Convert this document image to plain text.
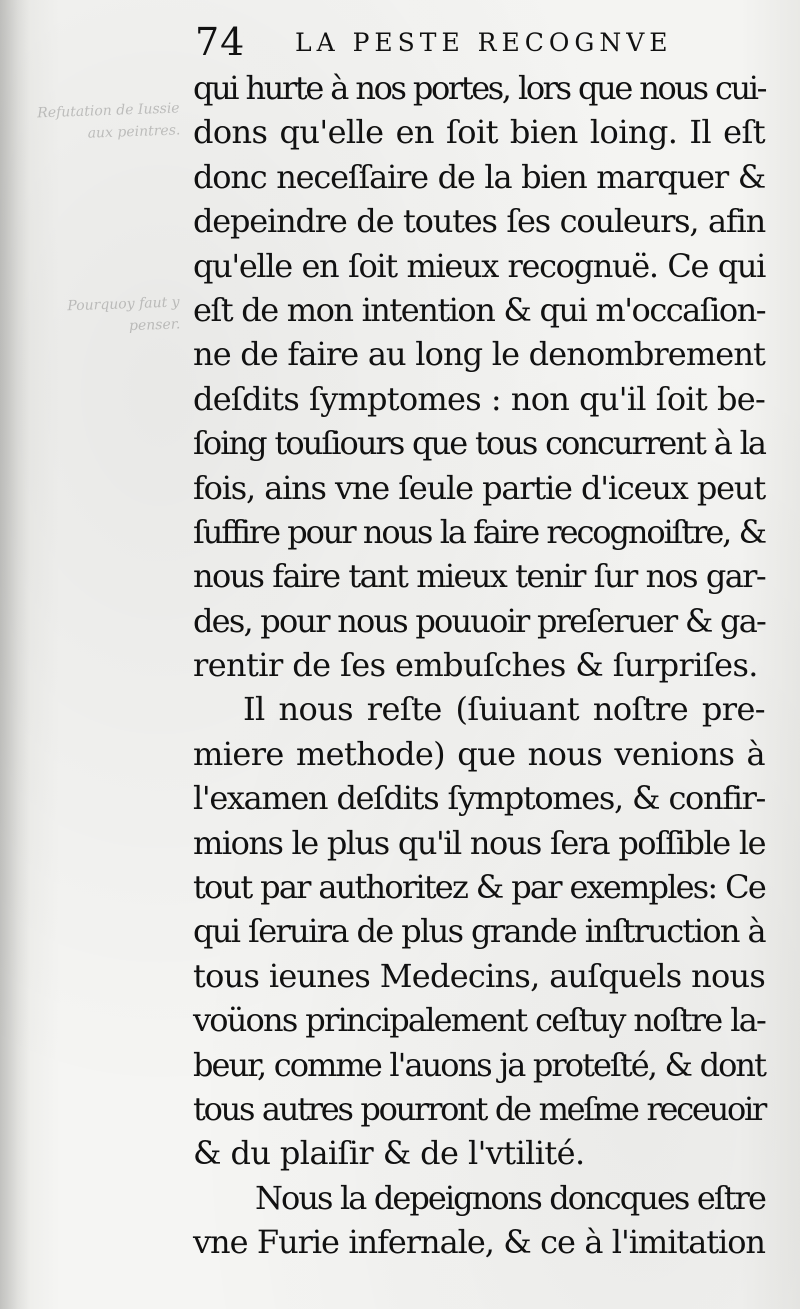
74 LA PESTE RECOGNVE
Refutation de Iussie aux peintres.
Pourquoy faut y penser.
qui hurte à nos portes, lors que nous cui-
dons qu'elle en ſoit bien loing. Il eſt
donc neceſſaire de la bien marquer &
depeindre de toutes ſes couleurs, afin
qu'elle en ſoit mieux recognuë. Ce qui
eſt de mon intention & qui m'occaſion-
ne de faire au long le denombrement
deſdits ſymptomes : non qu'il ſoit be-
ſoing touſiours que tous concurrent à la
fois, ains vne ſeule partie d'iceux peut
ſuffire pour nous la faire recognoiſtre, &
nous faire tant mieux tenir ſur nos gar-
des, pour nous pouuoir preſeruer & ga-
rentir de ſes embuſches & ſurpriſes.
Il nous reſte (ſuiuant noſtre pre-
miere methode) que nous venions à
l'examen deſdits ſymptomes, & confir-
mions le plus qu'il nous ſera poſſible le
tout par authoritez & par exemples: Ce
qui ſeruira de plus grande inſtruction à
tous ieunes Medecins, auſquels nous
voüons principalement ceſtuy noſtre la-
beur, comme l'auons ja proteſté, & dont
tous autres pourront de meſme receuoir
& du plaiſir & de l'vtilité.
Nous la depeignons doncques eſtre
vne Furie infernale, & ce à l'imitation
